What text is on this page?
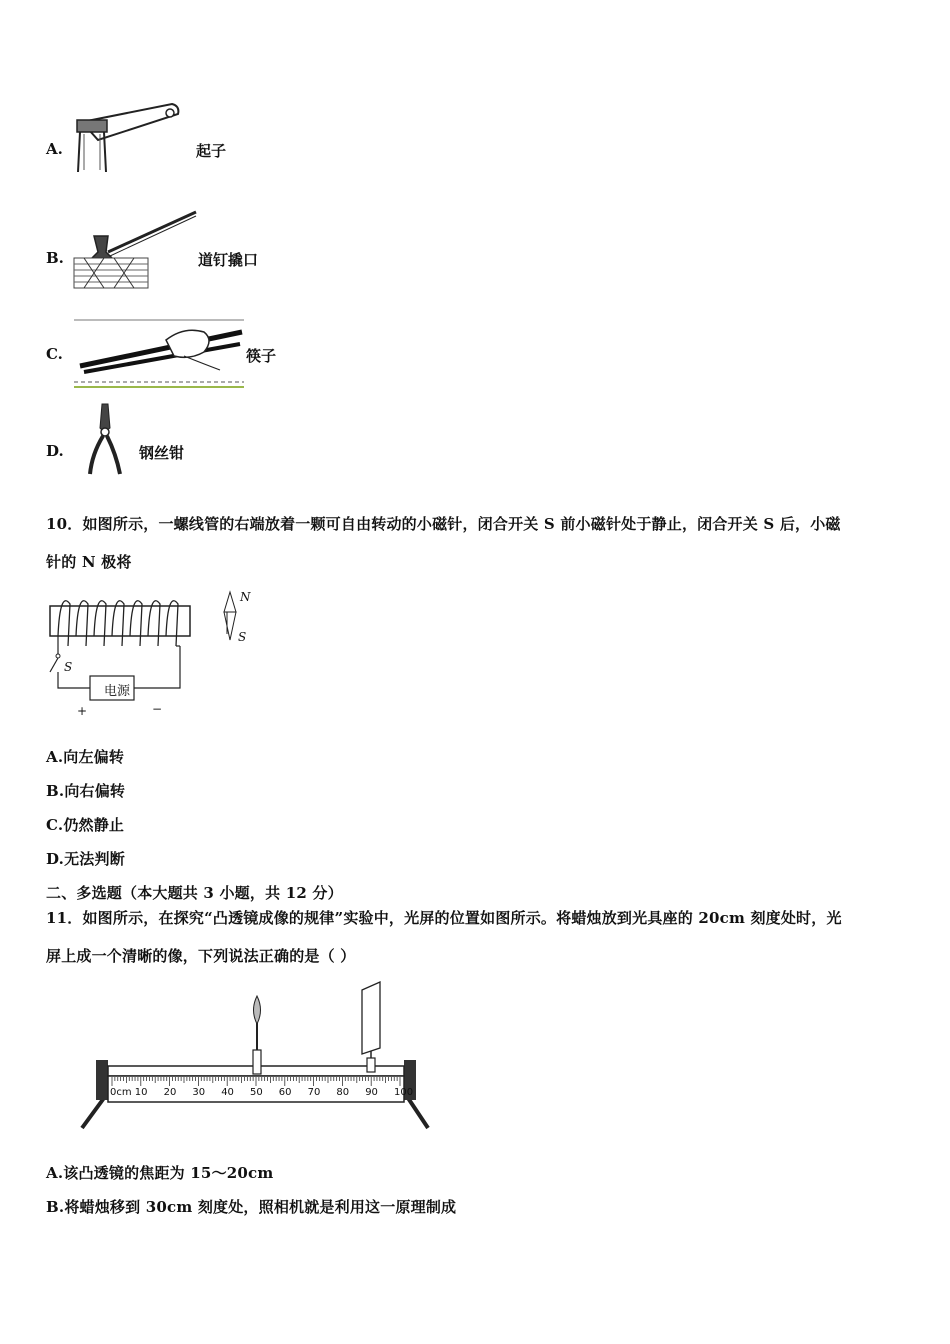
A.	起子
B.	道钉撬口
C.	筷子
D.	钢丝钳
10．如图所示，一螺线管的右端放着一颗可自由转动的小磁针，闭合开关 S 前小磁针处于静止，闭合开关 S 后，小磁
针的 N 极将
电源
S
+	−
N
S
A.向左偏转
B.向右偏转
C.仍然静止
D.无法判断
二、多选题（本大题共 3 小题，共 12 分）
11．如图所示，在探究“凸透镜成像的规律”实验中，光屏的位置如图所示。将蜡烛放到光具座的 20cm 刻度处时，光
屏上成一个清晰的像，下列说法正确的是（ ）
0cm 10 20 30 40 50 60 70 80 90 100
A.该凸透镜的焦距为 15～20cm
B.将蜡烛移到 30cm 刻度处，照相机就是利用这一原理制成
